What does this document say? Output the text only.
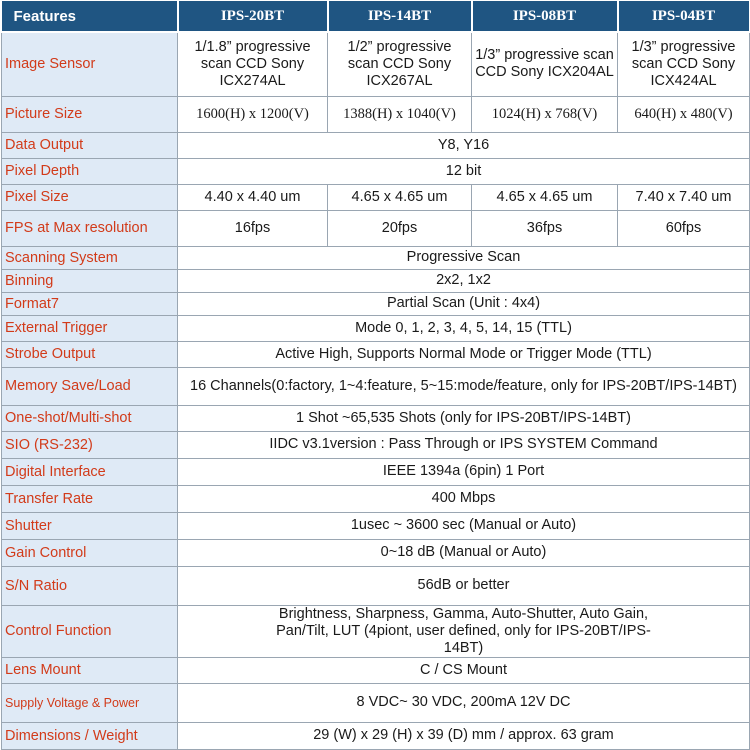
Features	IPS-20BT	IPS-14BT	IPS-08BT	IPS-04BT
Image Sensor	1/1.8” progressive scan CCD Sony ICX274AL	1/2” progressive scan CCD Sony ICX267AL	1/3” progressive scan CCD Sony ICX204AL	1/3” progressive scan CCD Sony ICX424AL
Picture Size	1600(H) x 1200(V)	1388(H) x 1040(V)	1024(H) x 768(V)	640(H) x 480(V)
Data Output	Y8, Y16			
Pixel Depth	12 bit			
Pixel Size	4.40 x 4.40 um	4.65 x 4.65 um	4.65 x 4.65 um	7.40 x 7.40 um
FPS at Max resolution	16fps	20fps	36fps	60fps
Scanning System	Progressive Scan			
Binning	2x2, 1x2			
Format7	Partial Scan (Unit : 4x4)			
External Trigger	Mode 0, 1, 2, 3, 4, 5, 14, 15 (TTL)			
Strobe Output	Active High, Supports Normal Mode or Trigger Mode (TTL)			
Memory Save/Load	16 Channels(0:factory, 1~4:feature, 5~15:mode/feature, only for IPS-20BT/IPS-14BT)			
One-shot/Multi-shot	1 Shot ~65,535 Shots (only for IPS-20BT/IPS-14BT)			
SIO (RS-232)	IIDC v3.1version : Pass Through or IPS SYSTEM Command			
Digital Interface	IEEE 1394a (6pin) 1 Port			
Transfer Rate	400 Mbps			
Shutter	1usec ~ 3600 sec (Manual or Auto)			
Gain Control	0~18 dB (Manual or Auto)			
S/N Ratio	56dB or better			
Control Function	Brightness, Sharpness, Gamma, Auto-Shutter, Auto Gain, Pan/Tilt, LUT (4piont, user defined, only for IPS-20BT/IPS-14BT)			
Lens Mount	C / CS Mount			
Supply Voltage & Power	8 VDC~ 30 VDC, 200mA 12V DC			
Dimensions / Weight	29 (W) x 29 (H) x 39 (D) mm / approx. 63 gram			
